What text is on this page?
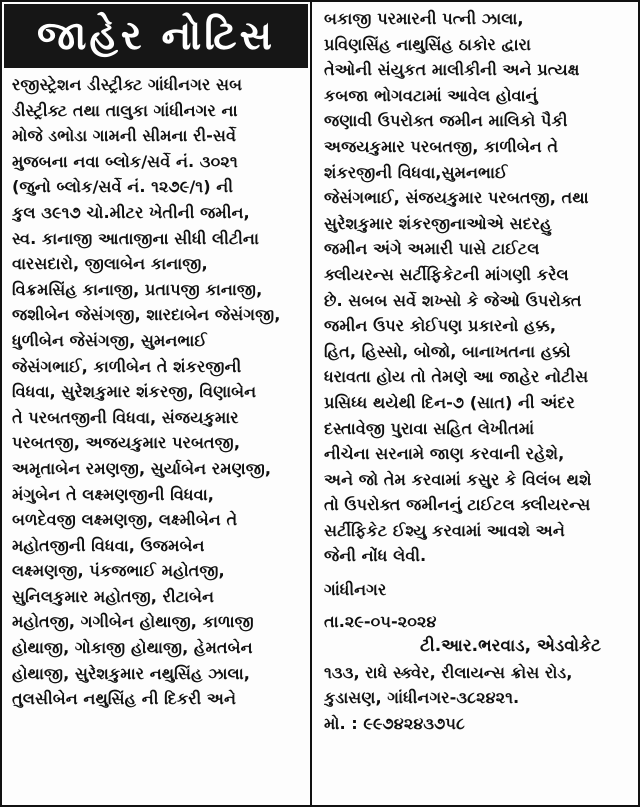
જાહેર નોટિસ
રજીસ્ટ્રેશન ડીસ્ટ્રીક્ટ ગાંધીનગર સબ
ડીસ્ટ્રીક્ટ તથા તાલુકા ગાંધીનગર ના
મોજે ડભોડા ગામની સીમના રી-સર્વે
મુજબના નવા બ્લોક/સર્વે નં. ૩૦૨૧
(જુનો બ્લોક/સર્વે નં. ૧૨૭૯/૧) ની
કુલ ૩૯૧૭ ચો.મીટર ખેતીની જમીન,
સ્વ. કાનાજી આતાજીના સીધી લીટીના
વારસદારો, જીલાબેન કાનાજી,
વિક્રમસિંહ કાનાજી, પ્રતાપજી કાનાજી,
જશીબેન જેસંગજી, શારદાબેન જેસંગજી,
ધુળીબેન જેસંગજી, સુમનભાઈ
જેસંગભાઈ, કાળીબેન તે શંકરજીની
વિધવા, સુરેશકુમાર શંકરજી, વિણાબેન
તે પરબતજીની વિધવા, સંજયકુમાર
પરબતજી, અજયકુમાર પરબતજી,
અમૃતાબેન રમણજી, સુર્યાબેન રમણજી,
મંગુબેન તે લક્ષ્મણજીની વિધવા,
બળદેવજી લક્ષ્મણજી, લક્ષ્મીબેન તે
મહોતજીની વિધવા, ઉજમબેન
લક્ષ્મણજી, પંકજભાઈ મહોતજી,
સુનિલકુમાર મહોતજી, રીટાબેન
મહોતજી, ગગીબેન હોથાજી, કાળાજી
હોથાજી, ગોકાજી હોથાજી, હેમતબેન
હોથાજી, સુરેશકુમાર નથુસિંહ ઝાલા,
તુલસીબેન નથુસિંહ ની દિકરી અને
બકાજી પરમારની પત્ની ઝાલા,
પ્રવિણસિંહ નાથુસિંહ ઠાકોર દ્વારા
તેઓની સંયુકત માલીકીની અને પ્રત્યક્ષ
કબજા ભોગવટામાં આવેલ હોવાનું
જણાવી ઉપરોક્ત જમીન માલિકો પૈકી
અજયકુમાર પરબતજી, કાળીબેન તે
શંકરજીની વિધવા,સુમનભાઈ
જેસંગભાઈ, સંજયકુમાર પરબતજી, તથા
સુરેશકુમાર શંકરજીનાઓએ સદરહુ
જમીન અંગે અમારી પાસે ટાઈટલ
ક્લીયરન્સ સર્ટીફિકેટની માંગણી કરેલ
છે. સબબ સર્વે શખ્સો કે જેઓ ઉપરોક્ત
જમીન ઉપર કોઈપણ પ્રકારનો હક્ક,
હિત, હિસ્સો, બોજો, બાનાખતના હક્કો
ધરાવતા હોય તો તેમણે આ જાહેર નોટીસ
પ્રસિધ્ધ થયેથી દિન-૭ (સાત) ની અંદર
દસ્તાવેજી પુરાવા સહિત લેખીતમાં
નીચેના સરનામે જાણ કરવાની રહેશે,
અને જો તેમ કરવામાં કસુર કે વિલંબ થશે
તો ઉપરોક્ત જમીનનું ટાઈટલ ક્લીયરન્સ
સર્ટીફિકેટ ઈશ્યુ કરવામાં આવશે અને
જેની નોંધ લેવી.
ગાંધીનગર
તા.૨૯-૦૫-૨૦૨૪
ટી.આર.ભરવાડ, એડવોકેટ
૧૩૩, રાધે સ્ક્વેર, રીલાયન્સ ક્રોસ રોડ,
કુડાસણ, ગાંધીનગર-૩૮૨૪૨૧.
મો. : ૯૯૭૪૨૪૩૭૫૮
